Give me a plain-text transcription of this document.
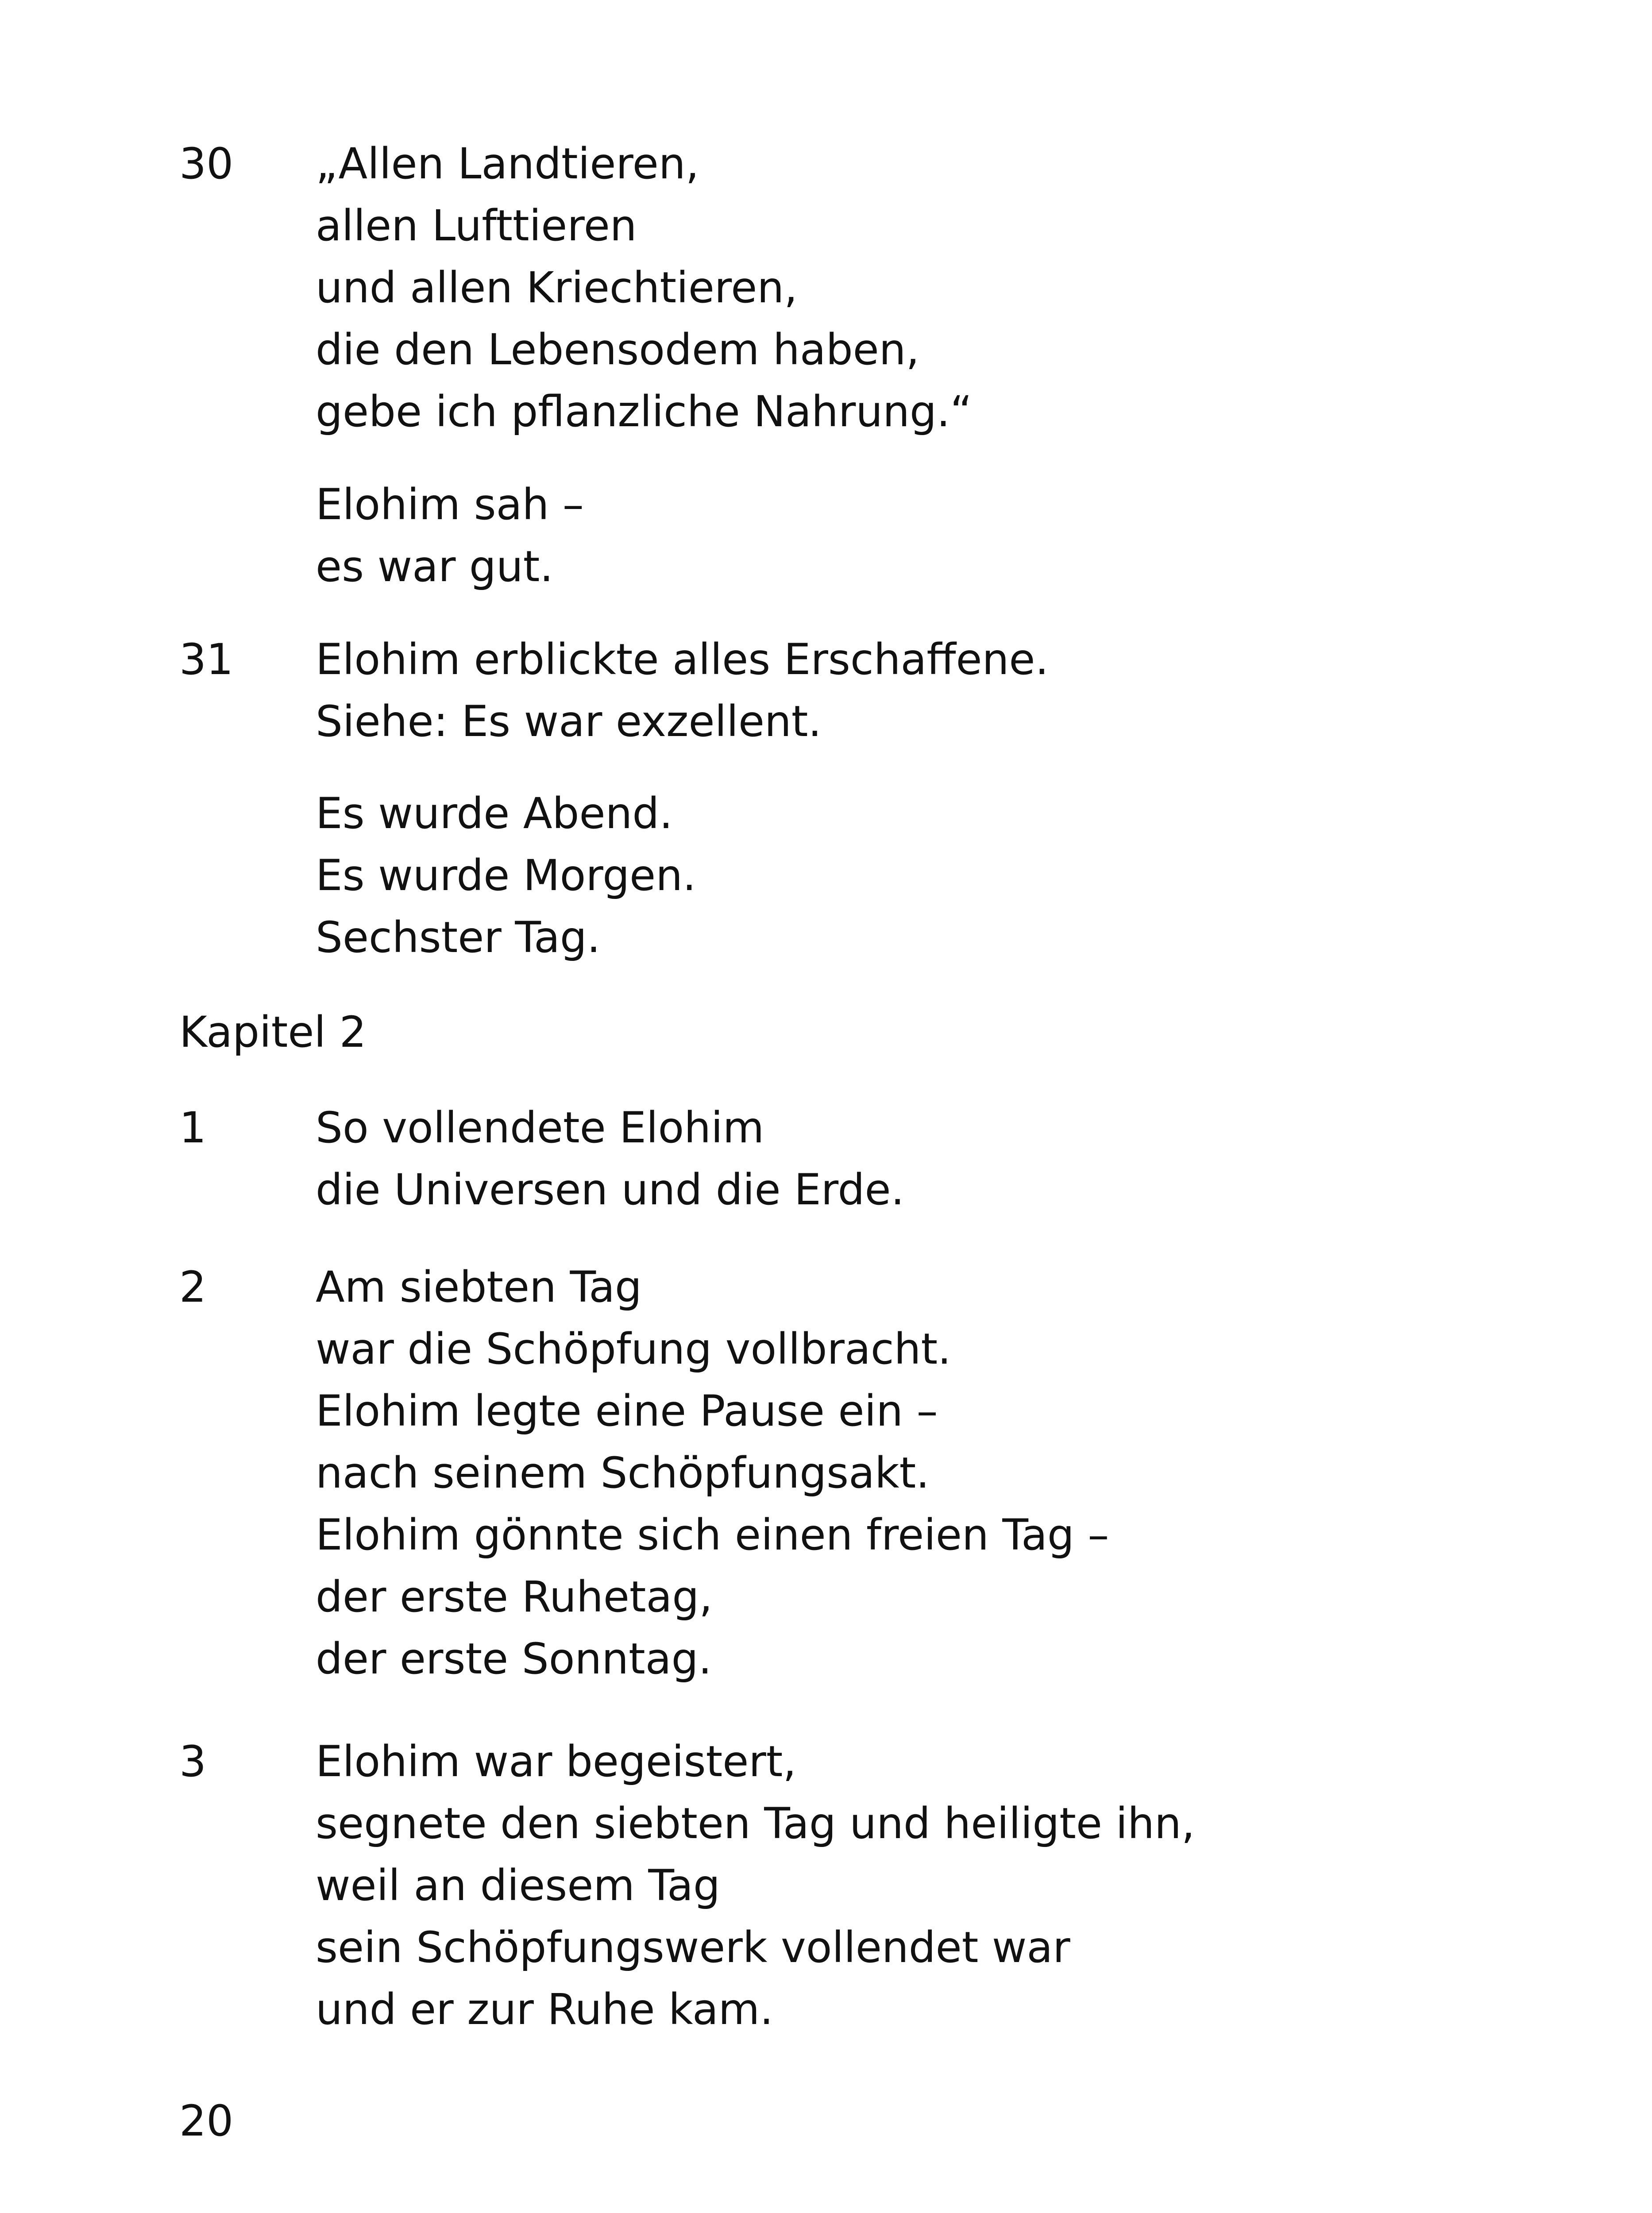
30 „Allen Landtieren,
allen Lufttieren
und allen Kriechtieren,
die den Lebensodem haben,
gebe ich pflanzliche Nahrung.“
Elohim sah –
es war gut.
31 Elohim erblickte alles Erschaffene.
Siehe: Es war exzellent.
Es wurde Abend.
Es wurde Morgen.
Sechster Tag.
Kapitel 2
1	So vollendete Elohim
die Universen und die Erde.
2	Am siebten Tag
war die Schöpfung vollbracht.
Elohim legte eine Pause ein –
nach seinem Schöpfungsakt.
Elohim gönnte sich einen freien Tag –
der erste Ruhetag,
der erste Sonntag.
3	Elohim war begeistert,
segnete den siebten Tag und heiligte ihn,
weil an diesem Tag
sein Schöpfungswerk vollendet war
und er zur Ruhe kam.
20
